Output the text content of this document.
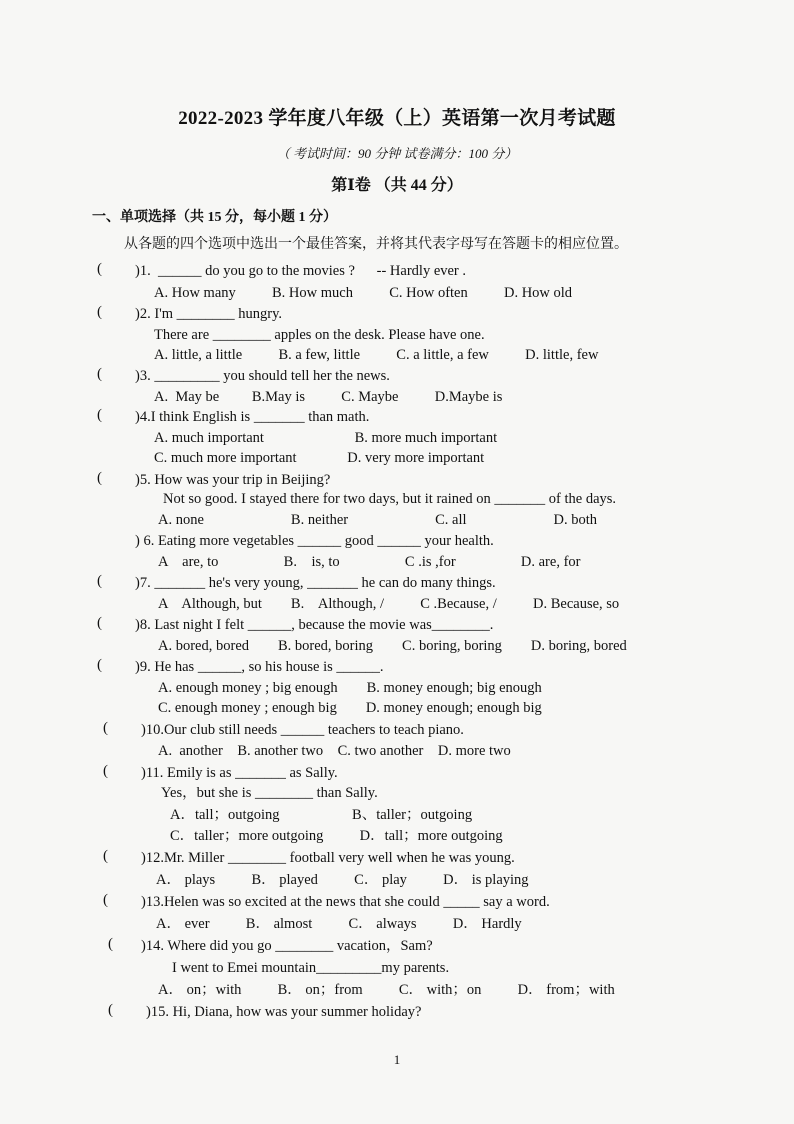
2022-2023 学年度八年级（上）英语第一次月考试题
（ 考试时间：90 分钟 试卷满分：100 分）
第Ⅰ卷 （共 44 分）
一、单项选择（共 15 分，每小题 1 分）
从各题的四个选项中选出一个最佳答案，并将其代表字母写在答题卡的相应位置。
( )1.  ______ do you go to the movies ?      -- Hardly ever .
A. How many          B. How much          C. How often          D. How old
( )2. I'm ________ hungry.
There are ________ apples on the desk. Please have one.
A. little, a little          B. a few, little          C. a little, a few          D. little, few
( )3. _________ you should tell her the news.
A.  May be         B.May is          C. Maybe          D.Maybe is
( )4.I think English is _______ than math.
A. much important                         B. more much important
C. much more important              D. very more important
( )5. How was your trip in Beijing?
Not so good. I stayed there for two days, but it rained on _______ of the days.
A. none                        B. neither                        C. all                        D. both
) 6. Eating more vegetables ______ good ______ your health.
A    are, to                  B.    is, to                  C .is ,for                  D. are, for
( )7. _______ he's very young, _______ he can do many things.
A    Although, but        B.    Although, /          C .Because, /          D. Because, so
( )8. Last night I felt ______, because the movie was________.
A. bored, bored        B. bored, boring        C. boring, boring        D. boring, bored
( )9. He has ______, so his house is ______.
A. enough money ; big enough        B. money enough; big enough
C. enough money ; enough big        D. money enough; enough big
( )10.Our club still needs ______ teachers to teach piano.
A.  another    B. another two    C. two another    D. more two
( )11. Emily is as _______ as Sally.
Yes，but she is ________ than Sally.
A．tall；outgoing                    B、taller；outgoing
C．taller；more outgoing          D．tall；more outgoing
( )12.Mr. Miller ________ football very well when he was young.
A． plays          B． played          C． play          D． is playing
( )13.Helen was so excited at the news that she could _____ say a word.
A． ever          B． almost          C． always          D． Hardly
( )14. Where did you go ________ vacation，Sam?
I went to Emei mountain_________my parents.
A． on；with          B． on；from          C． with；on          D． from；with
( )15. Hi, Diana, how was your summer holiday?
1
